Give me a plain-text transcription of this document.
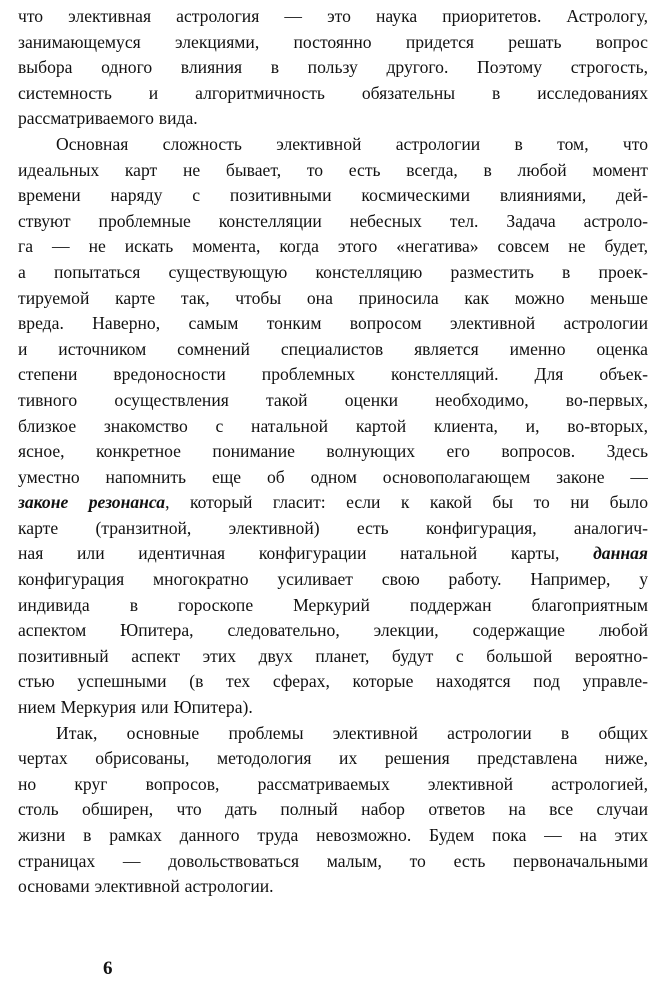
что элективная астрология — это наука приоритетов. Астрологу,
занимающемуся элекциями, постоянно придется решать вопрос
выбора одного влияния в пользу другого. Поэтому строгость,
системность и алгоритмичность обязательны в исследованиях
рассматриваемого вида.

Основная сложность элективной астрологии в том, что
идеальных карт не бывает, то есть всегда, в любой момент
времени наряду с позитивными космическими влияниями, дей-
ствуют проблемные констелляции небесных тел. Задача астроло-
га — не искать момента, когда этого «негатива» совсем не будет,
а попытаться существующую констелляцию разместить в проек-
тируемой карте так, чтобы она приносила как можно меньше
вреда. Наверно, самым тонким вопросом элективной астрологии
и источником сомнений специалистов является именно оценка
степени вредоносности проблемных констелляций. Для объек-
тивного осуществления такой оценки необходимо, во-первых,
близкое знакомство с натальной картой клиента, и, во-вторых,
ясное, конкретное понимание волнующих его вопросов. Здесь
уместно напомнить еще об одном основополагающем законе —
законе резонанса, который гласит: если к какой бы то ни было
карте (транзитной, элективной) есть конфигурация, аналогич-
ная или идентичная конфигурации натальной карты, данная
конфигурация многократно усиливает свою работу. Например, у
индивида в гороскопе Меркурий поддержан благоприятным
аспектом Юпитера, следовательно, элекции, содержащие любой
позитивный аспект этих двух планет, будут с большой вероятно-
стью успешными (в тех сферах, которые находятся под управле-
нием Меркурия или Юпитера).

Итак, основные проблемы элективной астрологии в общих
чертах обрисованы, методология их решения представлена ниже,
но круг вопросов, рассматриваемых элективной астрологией,
столь обширен, что дать полный набор ответов на все случаи
жизни в рамках данного труда невозможно. Будем пока — на этих
страницах — довольствоваться малым, то есть первоначальными
основами элективной астрологии.

6
